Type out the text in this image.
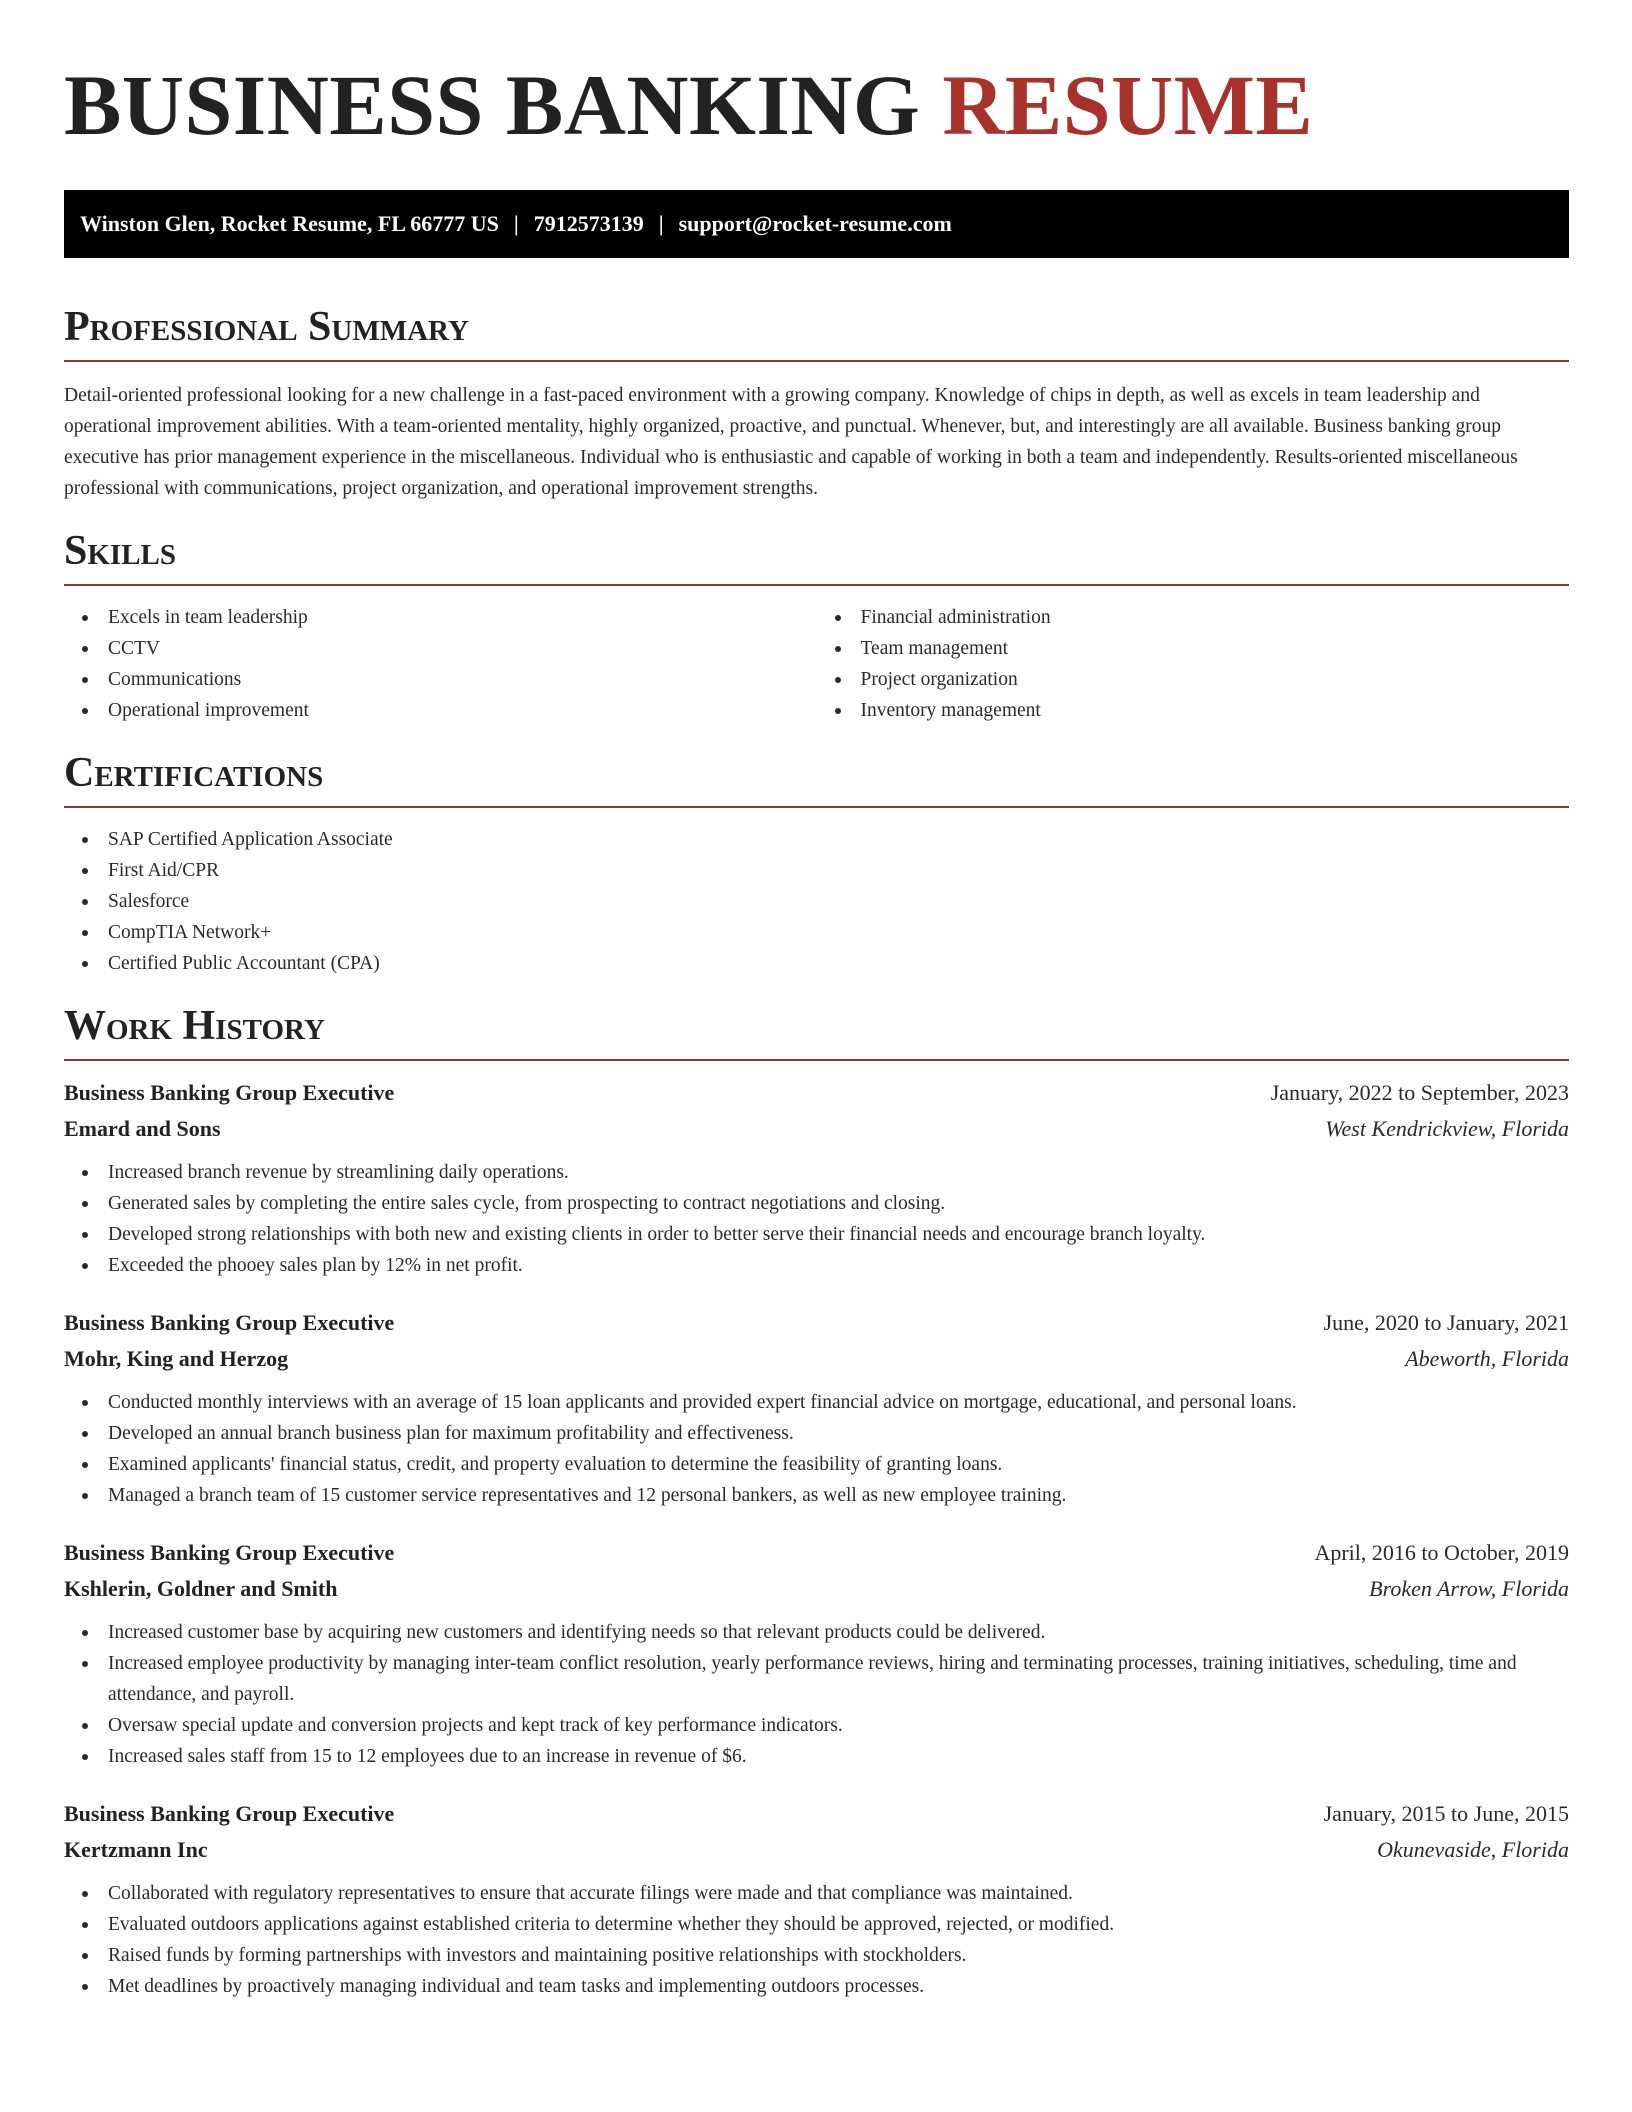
BUSINESS BANKING RESUME
Winston Glen, Rocket Resume, FL 66777 US | 7912573139 | support@rocket-resume.com
Professional Summary

Detail-oriented professional looking for a new challenge in a fast-paced environment with a growing company. Knowledge of chips in depth, as well as excels in team leadership and operational improvement abilities. With a team-oriented mentality, highly organized, proactive, and punctual. Whenever, but, and interestingly are all available. Business banking group executive has prior management experience in the miscellaneous. Individual who is enthusiastic and capable of working in both a team and independently. Results-oriented miscellaneous professional with communications, project organization, and operational improvement strengths.

Skills
Excels in team leadership
CCTV
Communications
Operational improvement
Financial administration
Team management
Project organization
Inventory management
Certifications
SAP Certified Application Associate
First Aid/CPR
Salesforce
CompTIA Network+
Certified Public Accountant (CPA)
Work History
Business Banking Group Executive	January, 2022 to September, 2023
Emard and Sons	West Kendrickview, Florida
Increased branch revenue by streamlining daily operations.
Generated sales by completing the entire sales cycle, from prospecting to contract negotiations and closing.
Developed strong relationships with both new and existing clients in order to better serve their financial needs and encourage branch loyalty.
Exceeded the phooey sales plan by 12% in net profit.
Business Banking Group Executive	June, 2020 to January, 2021
Mohr, King and Herzog	Abeworth, Florida
Conducted monthly interviews with an average of 15 loan applicants and provided expert financial advice on mortgage, educational, and personal loans.
Developed an annual branch business plan for maximum profitability and effectiveness.
Examined applicants' financial status, credit, and property evaluation to determine the feasibility of granting loans.
Managed a branch team of 15 customer service representatives and 12 personal bankers, as well as new employee training.
Business Banking Group Executive	April, 2016 to October, 2019
Kshlerin, Goldner and Smith	Broken Arrow, Florida
Increased customer base by acquiring new customers and identifying needs so that relevant products could be delivered.
Increased employee productivity by managing inter-team conflict resolution, yearly performance reviews, hiring and terminating processes, training initiatives, scheduling, time and attendance, and payroll.
Oversaw special update and conversion projects and kept track of key performance indicators.
Increased sales staff from 15 to 12 employees due to an increase in revenue of $6.
Business Banking Group Executive	January, 2015 to June, 2015
Kertzmann Inc	Okunevaside, Florida
Collaborated with regulatory representatives to ensure that accurate filings were made and that compliance was maintained.
Evaluated outdoors applications against established criteria to determine whether they should be approved, rejected, or modified.
Raised funds by forming partnerships with investors and maintaining positive relationships with stockholders.
Met deadlines by proactively managing individual and team tasks and implementing outdoors processes.
